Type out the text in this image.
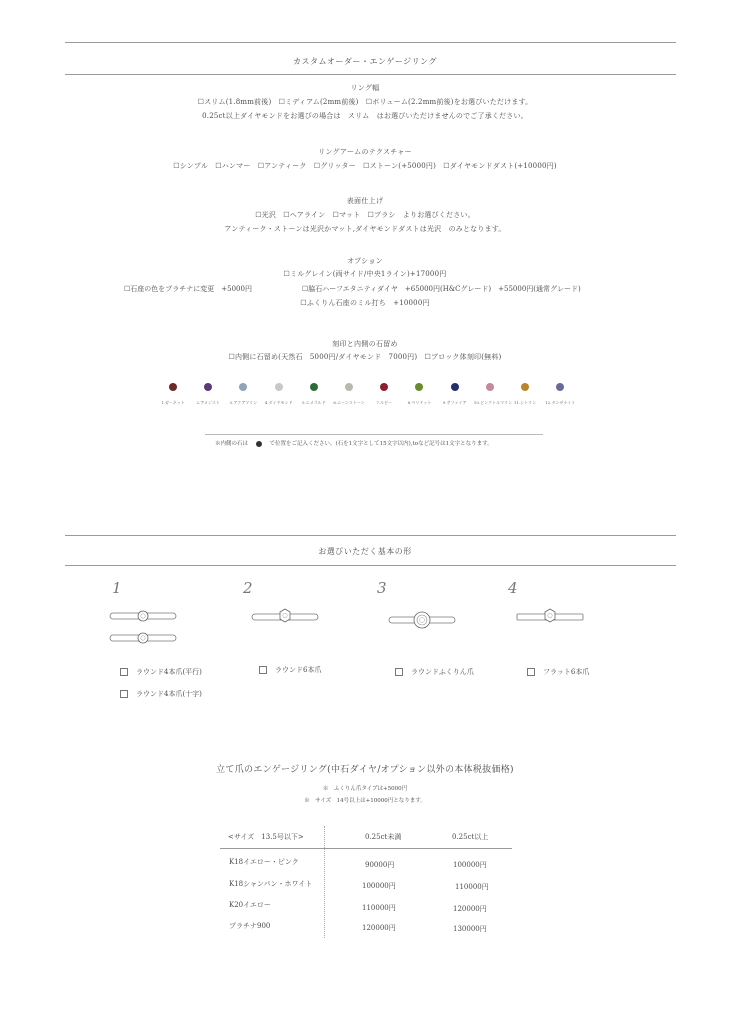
カスタムオーダー・エンゲージリング
リング幅
☐スリム(1.8mm前後)　☐ミディアム(2mm前後)　☐ボリューム(2.2mm前後)をお選びいただけます。
0.25ct以上ダイヤモンドをお選びの場合は　スリム　はお選びいただけませんのでご了承ください。
リングアームのテクスチャー
☐シンプル　☐ハンマー　☐アンティーク　☐グリッター　☐ストーン(+5000円)　☐ダイヤモンドダスト(+10000円)
表面仕上げ
☐光沢　☐ヘアライン　☐マット　☐ブラシ　よりお選びください。
アンティーク・ストーンは光沢かマット,ダイヤモンドダストは光沢　のみとなります。
オプション
☐ミルグレイン(両サイド/中央1ライン)+17000円
☐石座の色をプラチナに変更　+5000円	☐脇石ハーフエタニティダイヤ　+65000円(H&Cグレード)　+55000円(通常グレード)
☐ふくりん石座のミル打ち　+10000円
刻印と内側の石留め
☐内側に石留め(天然石　5000円/ダイヤモンド　7000円)　☐ブロック体刻印(無料)
1.ガーネット	2.アメジスト	3.アクアマリン	4.ダイヤモンド	5.エメラルド	6.ムーンストーン	7.ルビー	8.ペリドット	9.サファイア	10.ピンクトルマリン 11.シトリン	12.タンザナイト
※内側の石は	で位置をご記入ください。(石を1文字として15文字以内),toなど記号は1文字となります。
お選びいただく基本の形
1
ラウンド4本爪(平行)
ラウンド4本爪(十字)
2
ラウンド6本爪
3
ラウンドふくりん爪
4
フラット6本爪
立て爪のエンゲージリング(中石ダイヤ/オプション以外の本体税抜価格)
※　ふくりん爪タイプは+5000円
※　サイズ　14号以上は+10000円となります。
<サイズ　13.5号以下>	0.25ct未満	0.25ct以上
K18イエロー・ピンク	90000円	100000円
K18シャンパン・ホワイト	100000円	110000円
K20イエロー	110000円	120000円
プラチナ900	120000円	130000円
